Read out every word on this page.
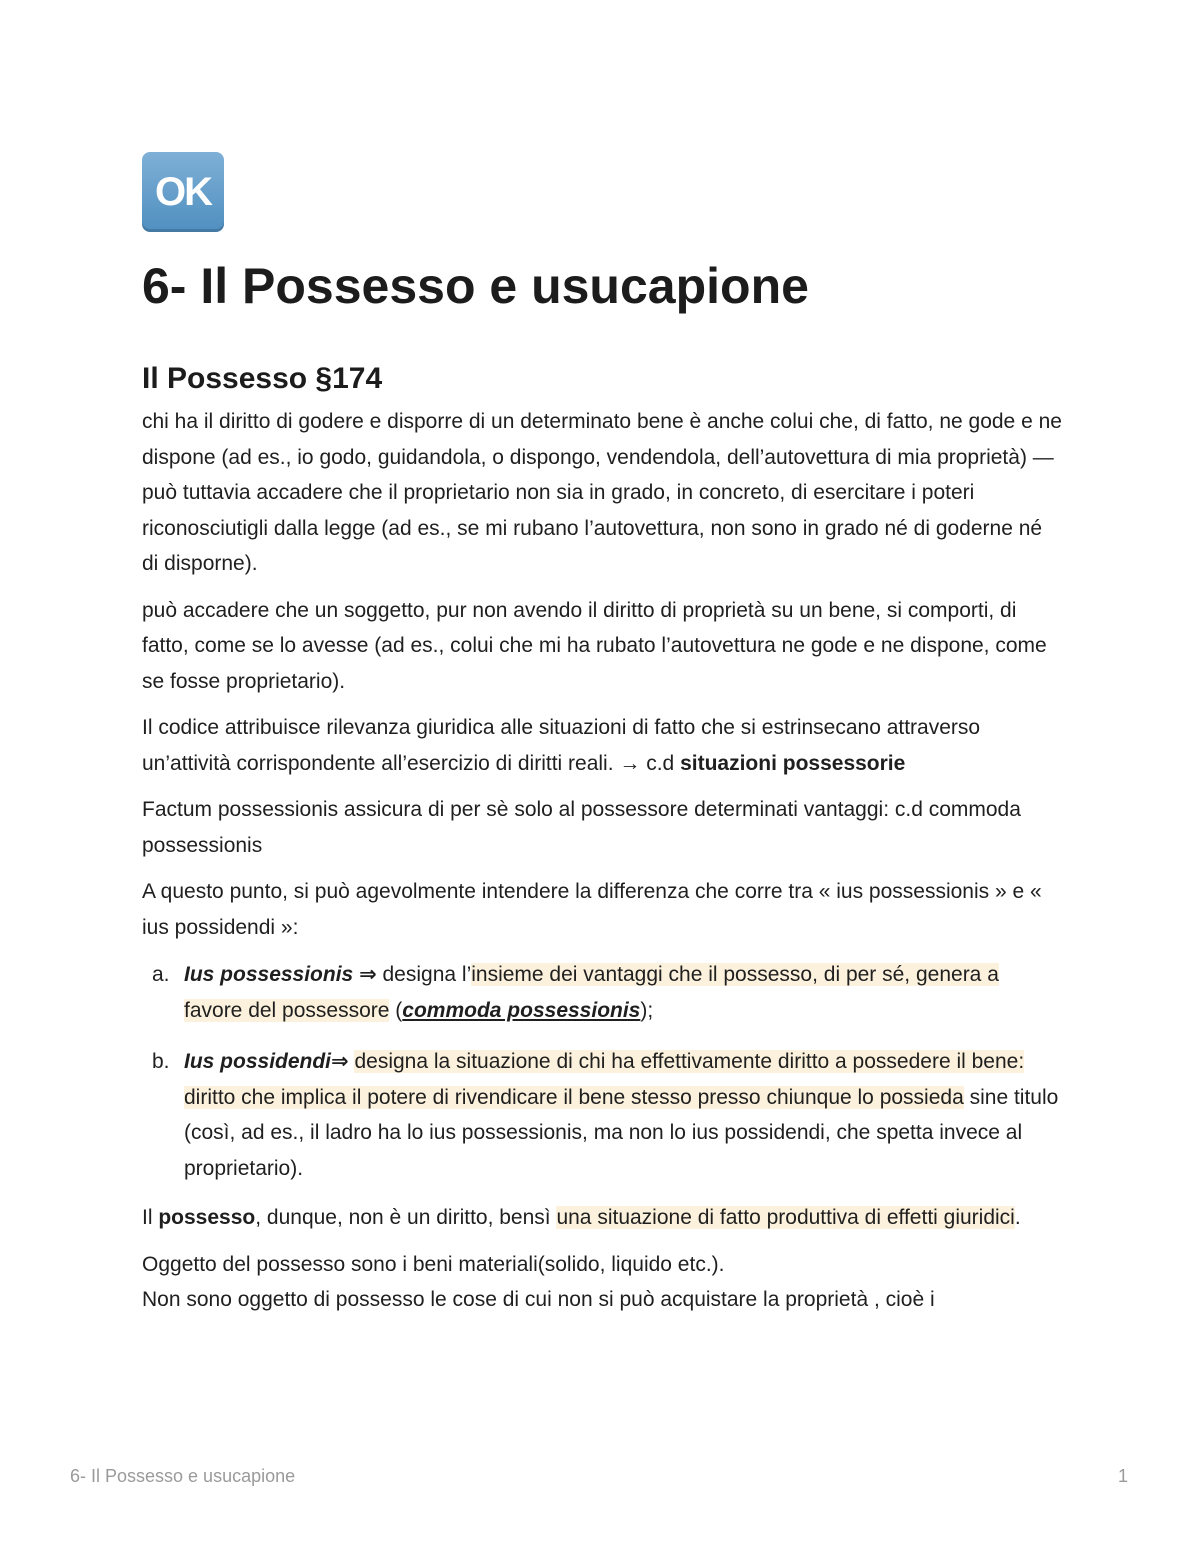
OK
6- Il Possesso e usucapione
Il Possesso §174

chi ha il diritto di godere e disporre di un determinato bene è anche colui che, di fatto, ne gode e ne dispone (ad es., io godo, guidandola, o dispongo, vendendola, dell’autovettura di mia proprietà) — può tuttavia accadere che il proprietario non sia in grado, in concreto, di esercitare i poteri riconosciutigli dalla legge (ad es., se mi rubano l’autovettura, non sono in grado né di goderne né di disporne).

può accadere che un soggetto, pur non avendo il diritto di proprietà su un bene, si comporti, di fatto, come se lo avesse (ad es., colui che mi ha rubato l’autovettura ne gode e ne dispone, come se fosse proprietario).

Il codice attribuisce rilevanza giuridica alle situazioni di fatto che si estrinsecano attraverso un’attività corrispondente all’esercizio di diritti reali. → c.d situazioni possessorie

Factum possessionis assicura di per sè solo al possessore determinati vantaggi: c.d commoda possessionis

A questo punto, si può agevolmente intendere la differenza che corre tra « ius possessionis » e « ius possidendi »:

a. Ius possessionis ⇒ designa l’insieme dei vantaggi che il possesso, di per sé, genera a favore del possessore (commoda possessionis);
b. Ius possidendi⇒ designa la situazione di chi ha effettivamente diritto a possedere il bene: diritto che implica il potere di rivendicare il bene stesso presso chiunque lo possieda sine titulo (così, ad es., il ladro ha lo ius possessionis, ma non lo ius possidendi, che spetta invece al proprietario).

Il possesso, dunque, non è un diritto, bensì una situazione di fatto produttiva di effetti giuridici.

Oggetto del possesso sono i beni materiali(solido, liquido etc.).

Non sono oggetto di possesso le cose di cui non si può acquistare la proprietà , cioè i

6- Il Possesso e usucapione	1
